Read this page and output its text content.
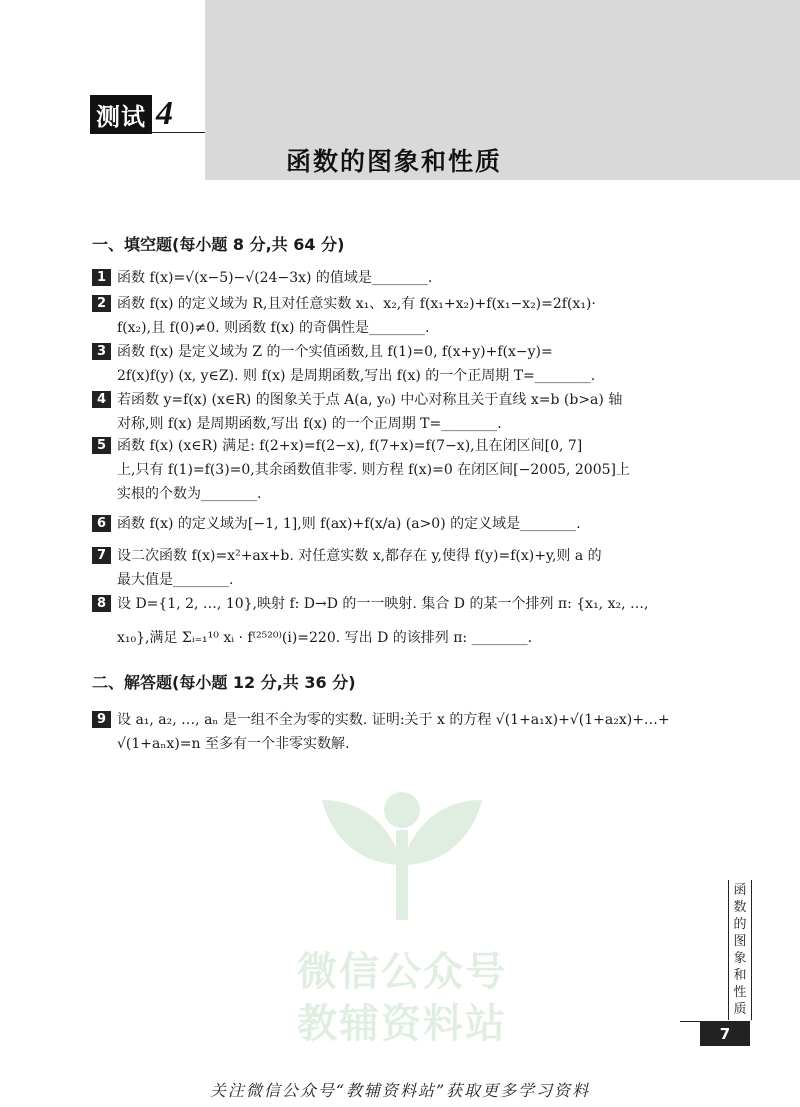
测试 4
函数的图象和性质
一、填空题(每小题 8 分,共 64 分)
1 函数 f(x)=√(x−5)−√(24−3x) 的值域是________.
2 函数 f(x) 的定义域为 R,且对任意实数 x₁、x₂,有 f(x₁+x₂)+f(x₁−x₂)=2f(x₁)·
f(x₂),且 f(0)≠0. 则函数 f(x) 的奇偶性是________.
3 函数 f(x) 是定义域为 Z 的一个实值函数,且 f(1)=0, f(x+y)+f(x−y)=
2f(x)f(y) (x, y∈Z). 则 f(x) 是周期函数,写出 f(x) 的一个正周期 T=________.
4 若函数 y=f(x) (x∈R) 的图象关于点 A(a, y₀) 中心对称且关于直线 x=b (b>a) 轴
对称,则 f(x) 是周期函数,写出 f(x) 的一个正周期 T=________.
5 函数 f(x) (x∈R) 满足: f(2+x)=f(2−x), f(7+x)=f(7−x),且在闭区间[0, 7]
上,只有 f(1)=f(3)=0,其余函数值非零. 则方程 f(x)=0 在闭区间[−2005, 2005]上
实根的个数为________.
6 函数 f(x) 的定义域为[−1, 1],则 f(ax)+f(x/a) (a>0) 的定义域是________.
7 设二次函数 f(x)=x²+ax+b. 对任意实数 x,都存在 y,使得 f(y)=f(x)+y,则 a 的
最大值是________.
8 设 D={1, 2, …, 10},映射 f: D→D 的一一映射. 集合 D 的某一个排列 π: {x₁, x₂, …,
x₁₀},满足 Σᵢ₌₁¹⁰ xᵢ · f⁽²⁵²⁰⁾(i)=220. 写出 D 的该排列 π: ________.
二、解答题(每小题 12 分,共 36 分)
9 设 a₁, a₂, …, aₙ 是一组不全为零的实数. 证明:关于 x 的方程 √(1+a₁x)+√(1+a₂x)+…+
√(1+aₙx)=n 至多有一个非零实数解.
微信公众号
教辅资料站
函
数
的
图
象
和
性
质
7
关注微信公众号“教辅资料站”获取更多学习资料
